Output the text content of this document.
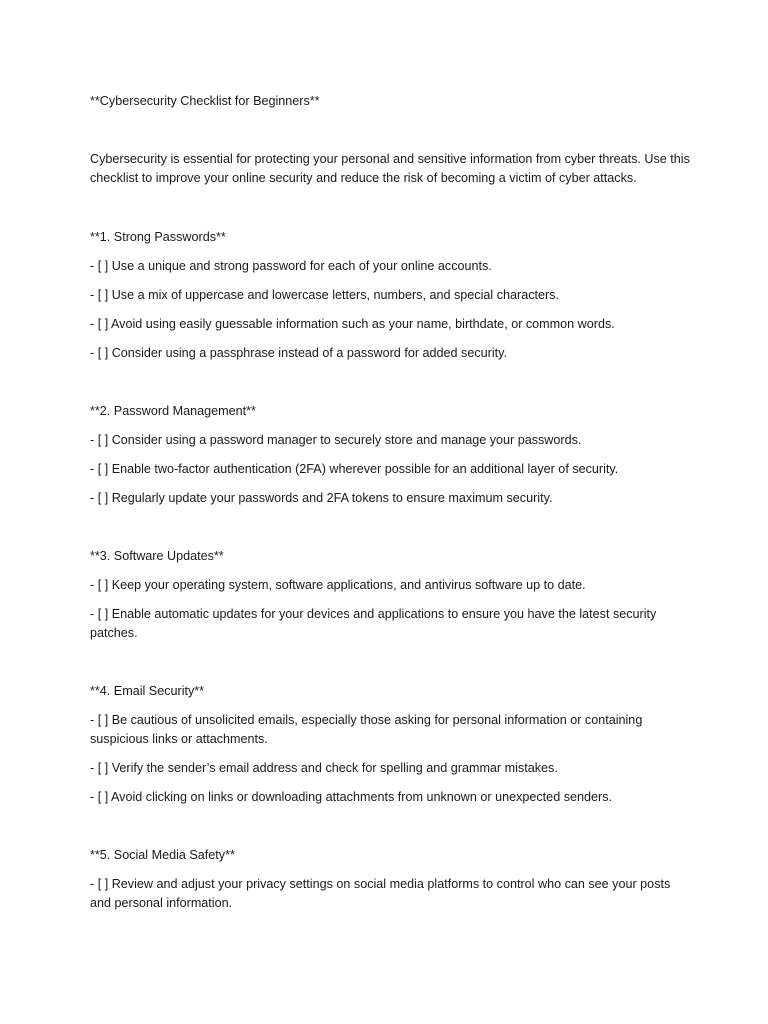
**Cybersecurity Checklist for Beginners**

Cybersecurity is essential for protecting your personal and sensitive information from cyber threats. Use this checklist to improve your online security and reduce the risk of becoming a victim of cyber attacks.

**1. Strong Passwords**

- [ ] Use a unique and strong password for each of your online accounts.

- [ ] Use a mix of uppercase and lowercase letters, numbers, and special characters.

- [ ] Avoid using easily guessable information such as your name, birthdate, or common words.

- [ ] Consider using a passphrase instead of a password for added security.

**2. Password Management**

- [ ] Consider using a password manager to securely store and manage your passwords.

- [ ] Enable two-factor authentication (2FA) wherever possible for an additional layer of security.

- [ ] Regularly update your passwords and 2FA tokens to ensure maximum security.

**3. Software Updates**

- [ ] Keep your operating system, software applications, and antivirus software up to date.

- [ ] Enable automatic updates for your devices and applications to ensure you have the latest security patches.

**4. Email Security**

- [ ] Be cautious of unsolicited emails, especially those asking for personal information or containing suspicious links or attachments.

- [ ] Verify the sender’s email address and check for spelling and grammar mistakes.

- [ ] Avoid clicking on links or downloading attachments from unknown or unexpected senders.

**5. Social Media Safety**

- [ ] Review and adjust your privacy settings on social media platforms to control who can see your posts and personal information.
